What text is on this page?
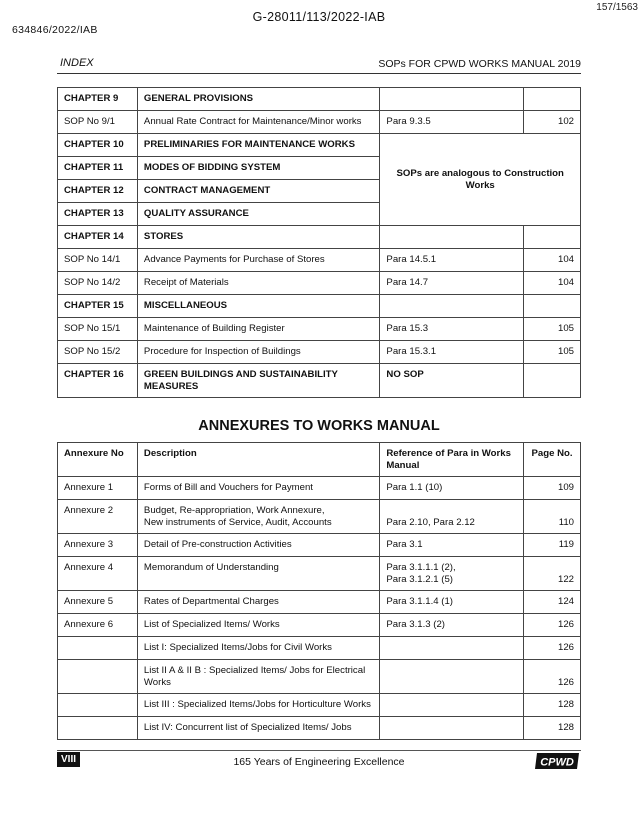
157/1563
G-28011/113/2022-IAB
634846/2022/IAB
INDEX	SOPs FOR CPWD WORKS MANUAL 2019
CHAPTER 9	GENERAL PROVISIONS		
SOP No 9/1	Annual Rate Contract for Maintenance/Minor works	Para 9.3.5	102
CHAPTER 10	PRELIMINARIES FOR MAINTENANCE WORKS	SOPs are analogous to Construction Works	
CHAPTER 11	MODES OF BIDDING SYSTEM		
CHAPTER 12	CONTRACT MANAGEMENT		
CHAPTER 13	QUALITY ASSURANCE		
CHAPTER 14	STORES		
SOP No 14/1	Advance Payments for Purchase of Stores	Para 14.5.1	104
SOP No 14/2	Receipt of Materials	Para 14.7	104
CHAPTER 15	MISCELLANEOUS		
SOP No 15/1	Maintenance of Building Register	Para 15.3	105
SOP No 15/2	Procedure for Inspection of Buildings	Para 15.3.1	105
CHAPTER 16	GREEN BUILDINGS AND SUSTAINABILITY MEASURES	NO SOP	
ANNEXURES TO WORKS MANUAL
Annexure No	Description	Reference of Para in Works Manual	Page No.
Annexure 1	Forms of Bill and Vouchers for Payment	Para 1.1 (10)	109
Annexure 2	Budget, Re-appropriation, Work Annexure,
New instruments of Service, Audit, Accounts	Para 2.10, Para 2.12	110
Annexure 3	Detail of Pre-construction Activities	Para 3.1	119
Annexure 4	Memorandum of Understanding	Para 3.1.1.1 (2),
Para 3.1.2.1 (5)	122
Annexure 5	Rates of Departmental Charges	Para 3.1.1.4 (1)	124
Annexure 6	List of Specialized Items/ Works	Para 3.1.3 (2)	126
	List I: Specialized Items/Jobs for Civil Works		126
	List II A & II B : Specialized Items/ Jobs for Electrical
Works		126
	List III : Specialized Items/Jobs for Horticulture Works		128
	List IV: Concurrent list of Specialized Items/ Jobs		128
VIII	165 Years of Engineering Excellence	CPWD
